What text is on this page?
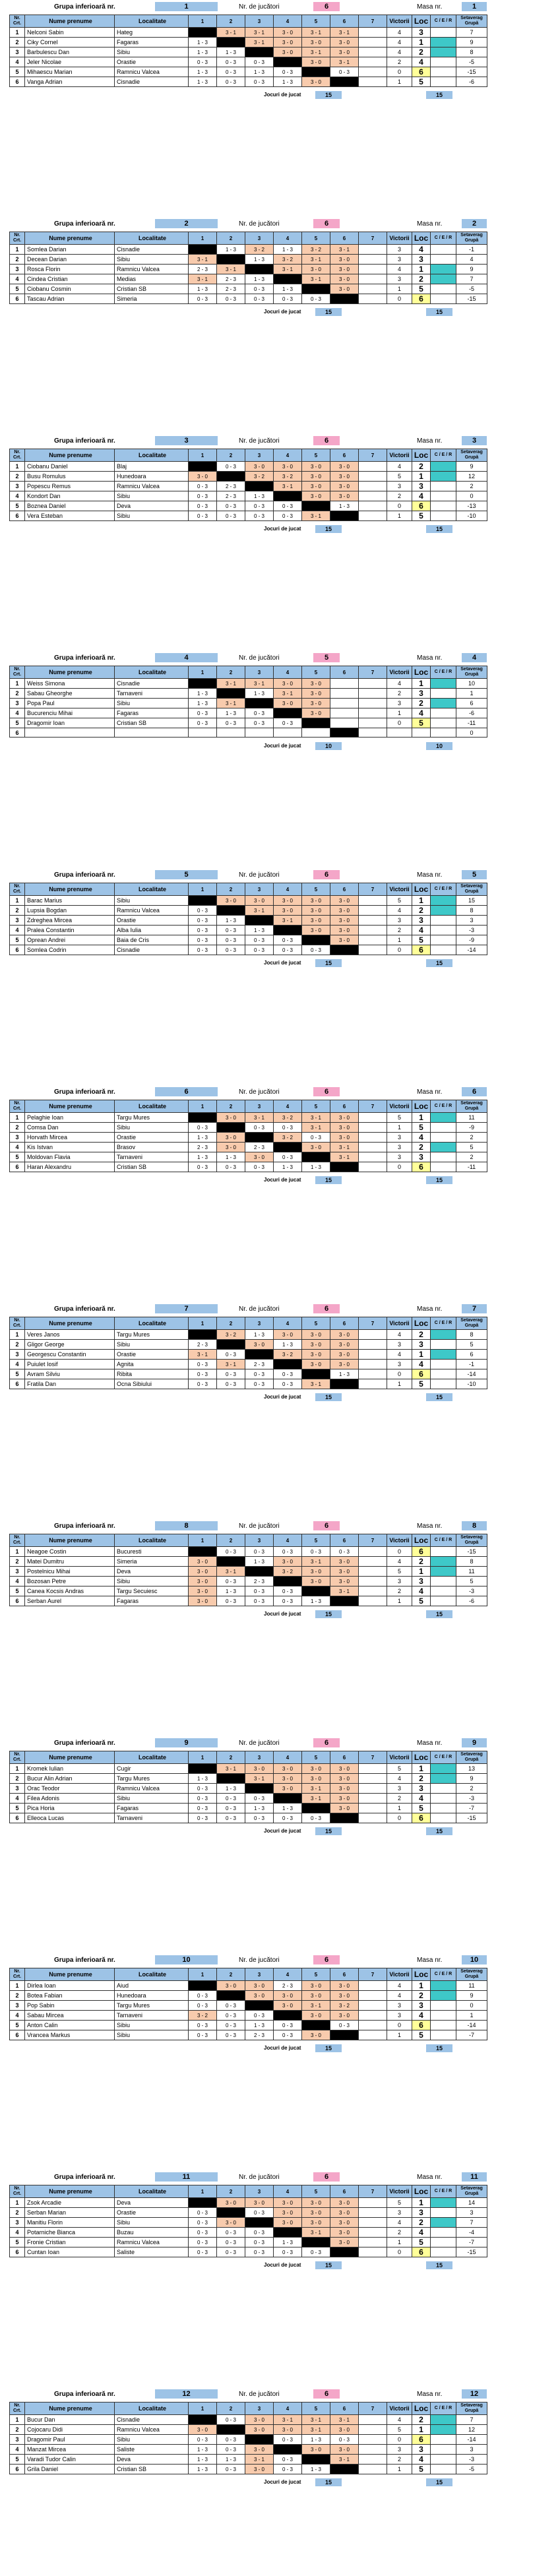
Grupa inferioară nr.	1	Nr. de jucători	6	Masa nr.	1
Nr. Crt.	Nume prenume	Localitate	1	2	3	4	5	6	7	Victorii	Loc	C / E / R	Setaverag Grupă
1	Nelconi Sabin	Hateg		3 - 1	3 - 1	3 - 0	3 - 1	3 - 1		4	3		7
2	Ciky Cornel	Fagaras	1 - 3		3 - 1	3 - 0	3 - 0	3 - 0		4	1		9
3	Barbulescu Dan	Sibiu	1 - 3	1 - 3		3 - 0	3 - 1	3 - 0		4	2		8
4	Jeler Nicolae	Orastie	0 - 3	0 - 3	0 - 3		3 - 0	3 - 1		2	4		-5
5	Mihaescu Marian	Ramnicu Valcea	1 - 3	0 - 3	1 - 3	0 - 3		0 - 3		0	6		-15
6	Vanga Adrian	Cisnadie	1 - 3	0 - 3	0 - 3	1 - 3	3 - 0			1	5		-6
Jocuri de jucat	15	15
Grupa inferioară nr.	2	Nr. de jucători	6	Masa nr.	2
Nr. Crt.	Nume prenume	Localitate	1	2	3	4	5	6	7	Victorii	Loc	C / E / R	Setaverag Grupă
1	Somlea Darian	Cisnadie		1 - 3	3 - 2	1 - 3	3 - 2	3 - 1		3	4		-1
2	Decean Darian	Sibiu	3 - 1		1 - 3	3 - 2	3 - 1	3 - 0		3	3		4
3	Rosca Florin	Ramnicu Valcea	2 - 3	3 - 1		3 - 1	3 - 0	3 - 0		4	1		9
4	Cindea Cristian	Medias	3 - 1	2 - 3	1 - 3		3 - 1	3 - 0		3	2		7
5	Ciobanu Cosmin	Cristian SB	1 - 3	2 - 3	0 - 3	1 - 3		3 - 0		1	5		-5
6	Tascau Adrian	Simeria	0 - 3	0 - 3	0 - 3	0 - 3	0 - 3			0	6		-15
Jocuri de jucat	15	15
Grupa inferioară nr.	3	Nr. de jucători	6	Masa nr.	3
Nr. Crt.	Nume prenume	Localitate	1	2	3	4	5	6	7	Victorii	Loc	C / E / R	Setaverag Grupă
1	Ciobanu Daniel	Blaj		0 - 3	3 - 0	3 - 0	3 - 0	3 - 0		4	2		9
2	Busu Romulus	Hunedoara	3 - 0		3 - 2	3 - 2	3 - 0	3 - 0		5	1		12
3	Popescu Remus	Ramnicu Valcea	0 - 3	2 - 3		3 - 1	3 - 0	3 - 0		3	3		2
4	Kondort Dan	Sibiu	0 - 3	2 - 3	1 - 3		3 - 0	3 - 0		2	4		0
5	Boznea Daniel	Deva	0 - 3	0 - 3	0 - 3	0 - 3		1 - 3		0	6		-13
6	Vera Esteban	Sibiu	0 - 3	0 - 3	0 - 3	0 - 3	3 - 1			1	5		-10
Jocuri de jucat	15	15
Grupa inferioară nr.	4	Nr. de jucători	5	Masa nr.	4
Nr. Crt.	Nume prenume	Localitate	1	2	3	4	5	6	7	Victorii	Loc	C / E / R	Setaverag Grupă
1	Weiss Simona	Cisnadie		3 - 1	3 - 1	3 - 0	3 - 0			4	1		10
2	Sabau Gheorghe	Tarnaveni	1 - 3		1 - 3	3 - 1	3 - 0			2	3		1
3	Popa Paul	Sibiu	1 - 3	3 - 1		3 - 0	3 - 0			3	2		6
4	Bucurenciu Mihai	Fagaras	0 - 3	1 - 3	0 - 3		3 - 0			1	4		-6
5	Dragomir Ioan	Cristian SB	0 - 3	0 - 3	0 - 3	0 - 3				0	5		-11
6													0
Jocuri de jucat	10	10
Grupa inferioară nr.	5	Nr. de jucători	6	Masa nr.	5
Nr. Crt.	Nume prenume	Localitate	1	2	3	4	5	6	7	Victorii	Loc	C / E / R	Setaverag Grupă
1	Barac Marius	Sibiu		3 - 0	3 - 0	3 - 0	3 - 0	3 - 0		5	1		15
2	Lupsia Bogdan	Ramnicu Valcea	0 - 3		3 - 1	3 - 0	3 - 0	3 - 0		4	2		8
3	Zdreghea Mircea	Orastie	0 - 3	1 - 3		3 - 1	3 - 0	3 - 0		3	3		3
4	Pralea Constantin	Alba Iulia	0 - 3	0 - 3	1 - 3		3 - 0	3 - 0		2	4		-3
5	Oprean Andrei	Baia de Cris	0 - 3	0 - 3	0 - 3	0 - 3		3 - 0		1	5		-9
6	Somlea Codrin	Cisnadie	0 - 3	0 - 3	0 - 3	0 - 3	0 - 3			0	6		-14
Jocuri de jucat	15	15
Grupa inferioară nr.	6	Nr. de jucători	6	Masa nr.	6
Nr. Crt.	Nume prenume	Localitate	1	2	3	4	5	6	7	Victorii	Loc	C / E / R	Setaverag Grupă
1	Pelaghie Ioan	Targu Mures		3 - 0	3 - 1	3 - 2	3 - 1	3 - 0		5	1		11
2	Comsa Dan	Sibiu	0 - 3		0 - 3	0 - 3	3 - 1	3 - 0		1	5		-9
3	Horvath Mircea	Orastie	1 - 3	3 - 0		3 - 2	0 - 3	3 - 0		3	4		2
4	Kis Istvan	Brasov	2 - 3	3 - 0	2 - 3		3 - 0	3 - 1		3	2		5
5	Moldovan Flavia	Tarnaveni	1 - 3	1 - 3	3 - 0	0 - 3		3 - 1		3	3		2
6	Haran Alexandru	Cristian SB	0 - 3	0 - 3	0 - 3	1 - 3	1 - 3			0	6		-11
Jocuri de jucat	15	15
Grupa inferioară nr.	7	Nr. de jucători	6	Masa nr.	7
Nr. Crt.	Nume prenume	Localitate	1	2	3	4	5	6	7	Victorii	Loc	C / E / R	Setaverag Grupă
1	Veres Janos	Targu Mures		3 - 2	1 - 3	3 - 0	3 - 0	3 - 0		4	2		8
2	Gligor George	Sibiu	2 - 3		3 - 0	1 - 3	3 - 0	3 - 0		3	3		5
3	Georgescu Constantin	Orastie	3 - 1	0 - 3		3 - 2	3 - 0	3 - 0		4	1		6
4	Puiulet Iosif	Agnita	0 - 3	3 - 1	2 - 3		3 - 0	3 - 0		3	4		-1
5	Avram Silviu	Ribita	0 - 3	0 - 3	0 - 3	0 - 3		1 - 3		0	6		-14
6	Fratila Dan	Ocna Sibiului	0 - 3	0 - 3	0 - 3	0 - 3	3 - 1			1	5		-10
Jocuri de jucat	15	15
Grupa inferioară nr.	8	Nr. de jucători	6	Masa nr.	8
Nr. Crt.	Nume prenume	Localitate	1	2	3	4	5	6	7	Victorii	Loc	C / E / R	Setaverag Grupă
1	Neagoe Costin	Bucuresti		0 - 3	0 - 3	0 - 3	0 - 3	0 - 3		0	6		-15
2	Matei Dumitru	Simeria	3 - 0		1 - 3	3 - 0	3 - 1	3 - 0		4	2		8
3	Postelnicu Mihai	Deva	3 - 0	3 - 1		3 - 2	3 - 0	3 - 0		5	1		11
4	Bozosan Petre	Sibiu	3 - 0	0 - 3	2 - 3		3 - 0	3 - 0		3	3		5
5	Canea Kocsis Andras	Targu Secuiesc	3 - 0	1 - 3	0 - 3	0 - 3		3 - 1		2	4		-3
6	Serban Aurel	Fagaras	3 - 0	0 - 3	0 - 3	0 - 3	1 - 3			1	5		-6
Jocuri de jucat	15	15
Grupa inferioară nr.	9	Nr. de jucători	6	Masa nr.	9
Nr. Crt.	Nume prenume	Localitate	1	2	3	4	5	6	7	Victorii	Loc	C / E / R	Setaverag Grupă
1	Kromek Iulian	Cugir		3 - 1	3 - 0	3 - 0	3 - 0	3 - 0		5	1		13
2	Bucur Alin Adrian	Targu Mures	1 - 3		3 - 1	3 - 0	3 - 0	3 - 0		4	2		9
3	Orac Teodor	Ramnicu Valcea	0 - 3	1 - 3		3 - 0	3 - 1	3 - 0		3	3		2
4	Filea Adonis	Sibiu	0 - 3	0 - 3	0 - 3		3 - 1	3 - 0		2	4		-3
5	Pica Horia	Fagaras	0 - 3	0 - 3	1 - 3	1 - 3		3 - 0		1	5		-7
6	Elleoca Lucas	Tarnaveni	0 - 3	0 - 3	0 - 3	0 - 3	0 - 3			0	6		-15
Jocuri de jucat	15	15
Grupa inferioară nr.	10	Nr. de jucători	6	Masa nr.	10
Nr. Crt.	Nume prenume	Localitate	1	2	3	4	5	6	7	Victorii	Loc	C / E / R	Setaverag Grupă
1	Dirlea Ioan	Aiud		3 - 0	3 - 0	2 - 3	3 - 0	3 - 0		4	1		11
2	Botea Fabian	Hunedoara	0 - 3		3 - 0	3 - 0	3 - 0	3 - 0		4	2		9
3	Pop Sabin	Targu Mures	0 - 3	0 - 3		3 - 0	3 - 1	3 - 2		3	3		0
4	Sabau Mircea	Tarnaveni	3 - 2	0 - 3	0 - 3		3 - 0	3 - 0		3	4		1
5	Anton Calin	Sibiu	0 - 3	0 - 3	1 - 3	0 - 3		0 - 3		0	6		-14
6	Vrancea Markus	Sibiu	0 - 3	0 - 3	2 - 3	0 - 3	3 - 0			1	5		-7
Jocuri de jucat	15	15
Grupa inferioară nr.	11	Nr. de jucători	6	Masa nr.	11
Nr. Crt.	Nume prenume	Localitate	1	2	3	4	5	6	7	Victorii	Loc	C / E / R	Setaverag Grupă
1	Zsok Arcadie	Deva		3 - 0	3 - 0	3 - 0	3 - 0	3 - 0		5	1		14
2	Serban Marian	Orastie	0 - 3		0 - 3	3 - 0	3 - 0	3 - 0		3	3		3
3	Manitiu Florin	Sibiu	0 - 3	3 - 0		3 - 0	3 - 0	3 - 0		4	2		7
4	Potarniche Bianca	Buzau	0 - 3	0 - 3	0 - 3		3 - 1	3 - 0		2	4		-4
5	Fronie Cristian	Ramnicu Valcea	0 - 3	0 - 3	0 - 3	1 - 3		3 - 0		1	5		-7
6	Cuntan Ioan	Saliste	0 - 3	0 - 3	0 - 3	0 - 3	0 - 3			0	6		-15
Jocuri de jucat	15	15
Grupa inferioară nr.	12	Nr. de jucători	6	Masa nr.	12
Nr. Crt.	Nume prenume	Localitate	1	2	3	4	5	6	7	Victorii	Loc	C / E / R	Setaverag Grupă
1	Bucur Dan	Cisnadie		0 - 3	3 - 0	3 - 1	3 - 1	3 - 1		4	2		7
2	Cojocaru Didi	Ramnicu Valcea	3 - 0		3 - 0	3 - 0	3 - 1	3 - 0		5	1		12
3	Dragomir Paul	Sibiu	0 - 3	0 - 3		0 - 3	1 - 3	0 - 3		0	6		-14
4	Manzat Mircea	Saliste	1 - 3	0 - 3	3 - 0		3 - 0	3 - 0		3	3		3
5	Varadi Tudor Calin	Deva	1 - 3	1 - 3	3 - 1	0 - 3		3 - 1		2	4		-3
6	Grila Daniel	Cristian SB	1 - 3	0 - 3	3 - 0	0 - 3	1 - 3			1	5		-5
Jocuri de jucat	15	15
